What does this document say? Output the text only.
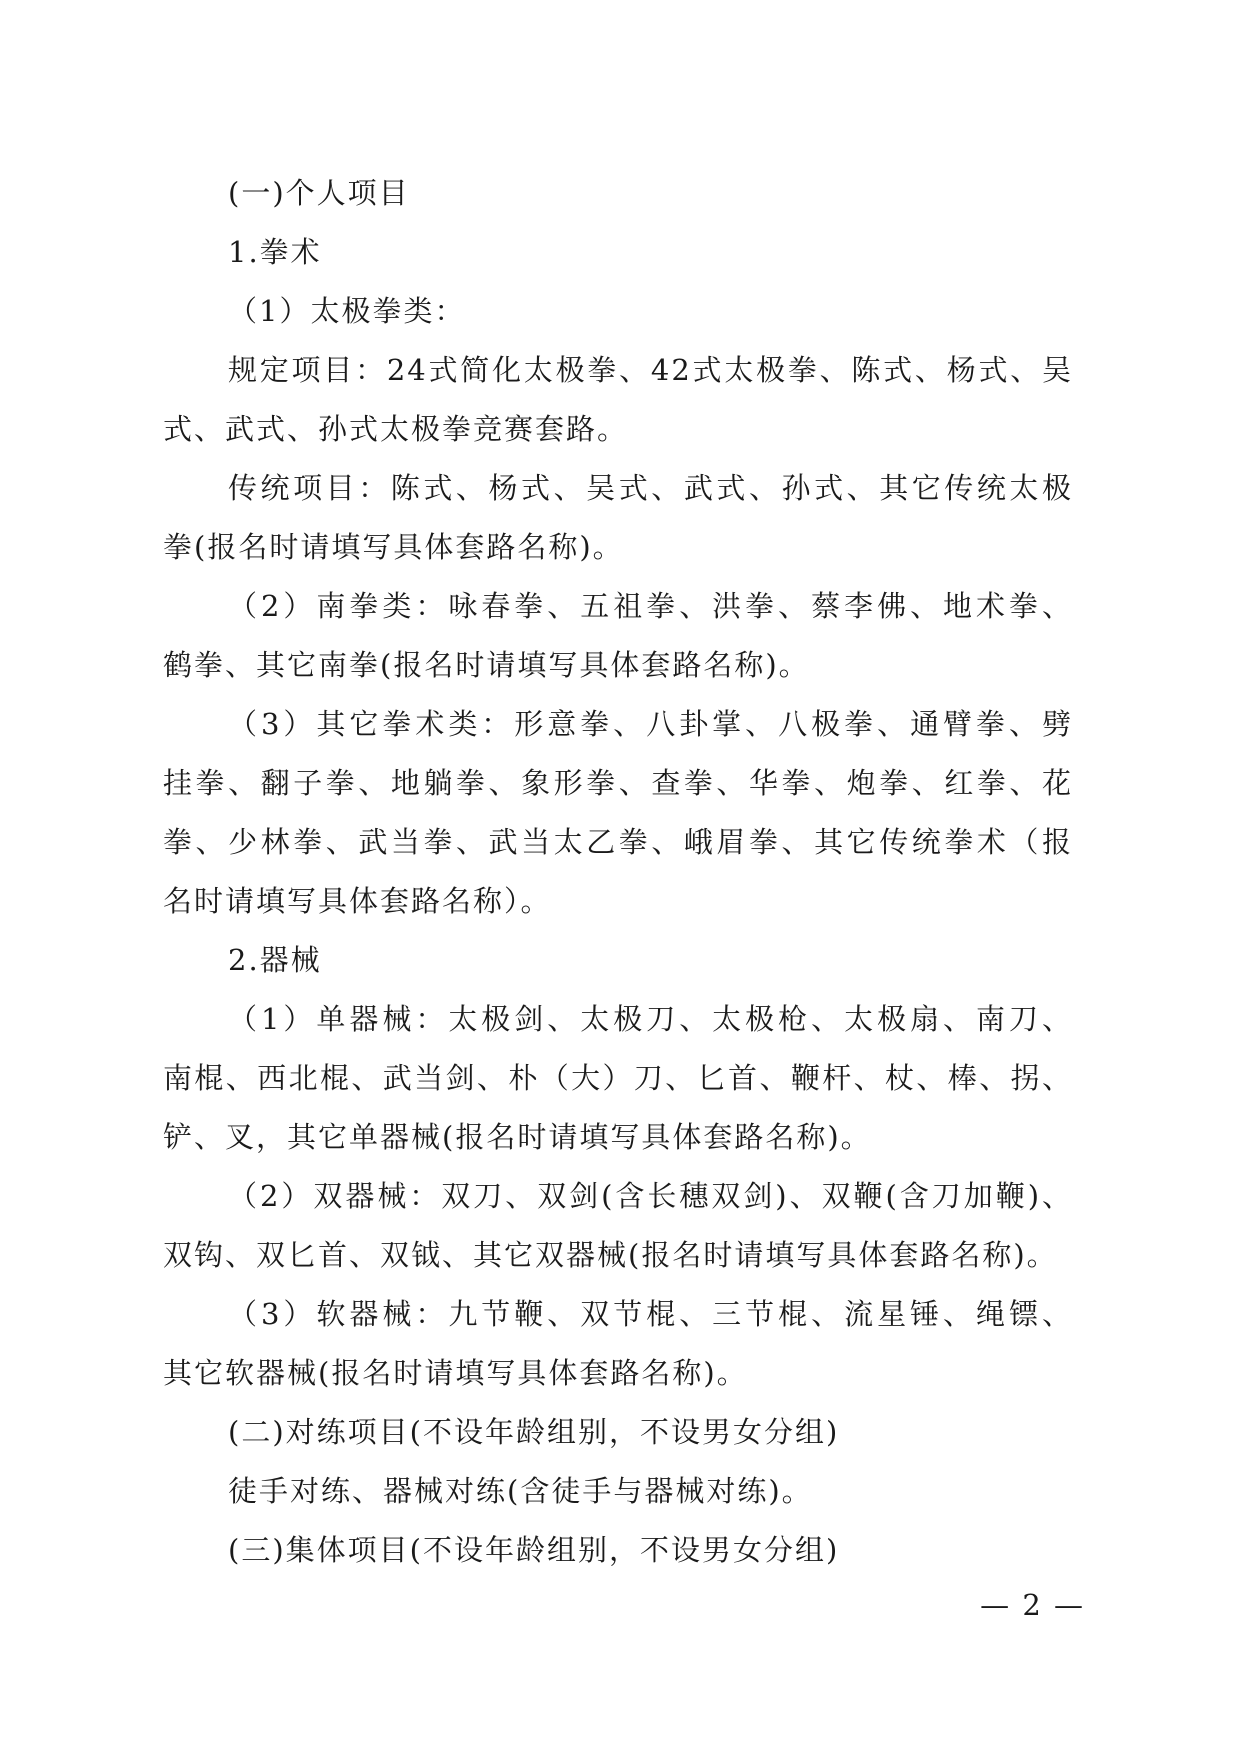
(一)个人项目
1.拳术
（1）太极拳类：
规定项目：24式简化太极拳、42式太极拳、陈式、杨式、吴
式、武式、孙式太极拳竞赛套路。
传统项目：陈式、杨式、吴式、武式、孙式、其它传统太极
拳(报名时请填写具体套路名称)。
（2）南拳类：咏春拳、五祖拳、洪拳、蔡李佛、地术拳、
鹤拳、其它南拳(报名时请填写具体套路名称)。
（3）其它拳术类：形意拳、八卦掌、八极拳、通臂拳、劈
挂拳、翻子拳、地躺拳、象形拳、查拳、华拳、炮拳、红拳、花
拳、少林拳、武当拳、武当太乙拳、峨眉拳、其它传统拳术（报
名时请填写具体套路名称）。
2.器械
（1）单器械：太极剑、太极刀、太极枪、太极扇、南刀、
南棍、西北棍、武当剑、朴（大）刀、匕首、鞭杆、杖、棒、拐、
铲、叉，其它单器械(报名时请填写具体套路名称)。
（2）双器械：双刀、双剑(含长穗双剑)、双鞭(含刀加鞭)、
双钩、双匕首、双钺、其它双器械(报名时请填写具体套路名称)。
（3）软器械：九节鞭、双节棍、三节棍、流星锤、绳镖、
其它软器械(报名时请填写具体套路名称)。
(二)对练项目(不设年龄组别，不设男女分组)
徒手对练、器械对练(含徒手与器械对练)。
(三)集体项目(不设年龄组别，不设男女分组)
— 2 —
